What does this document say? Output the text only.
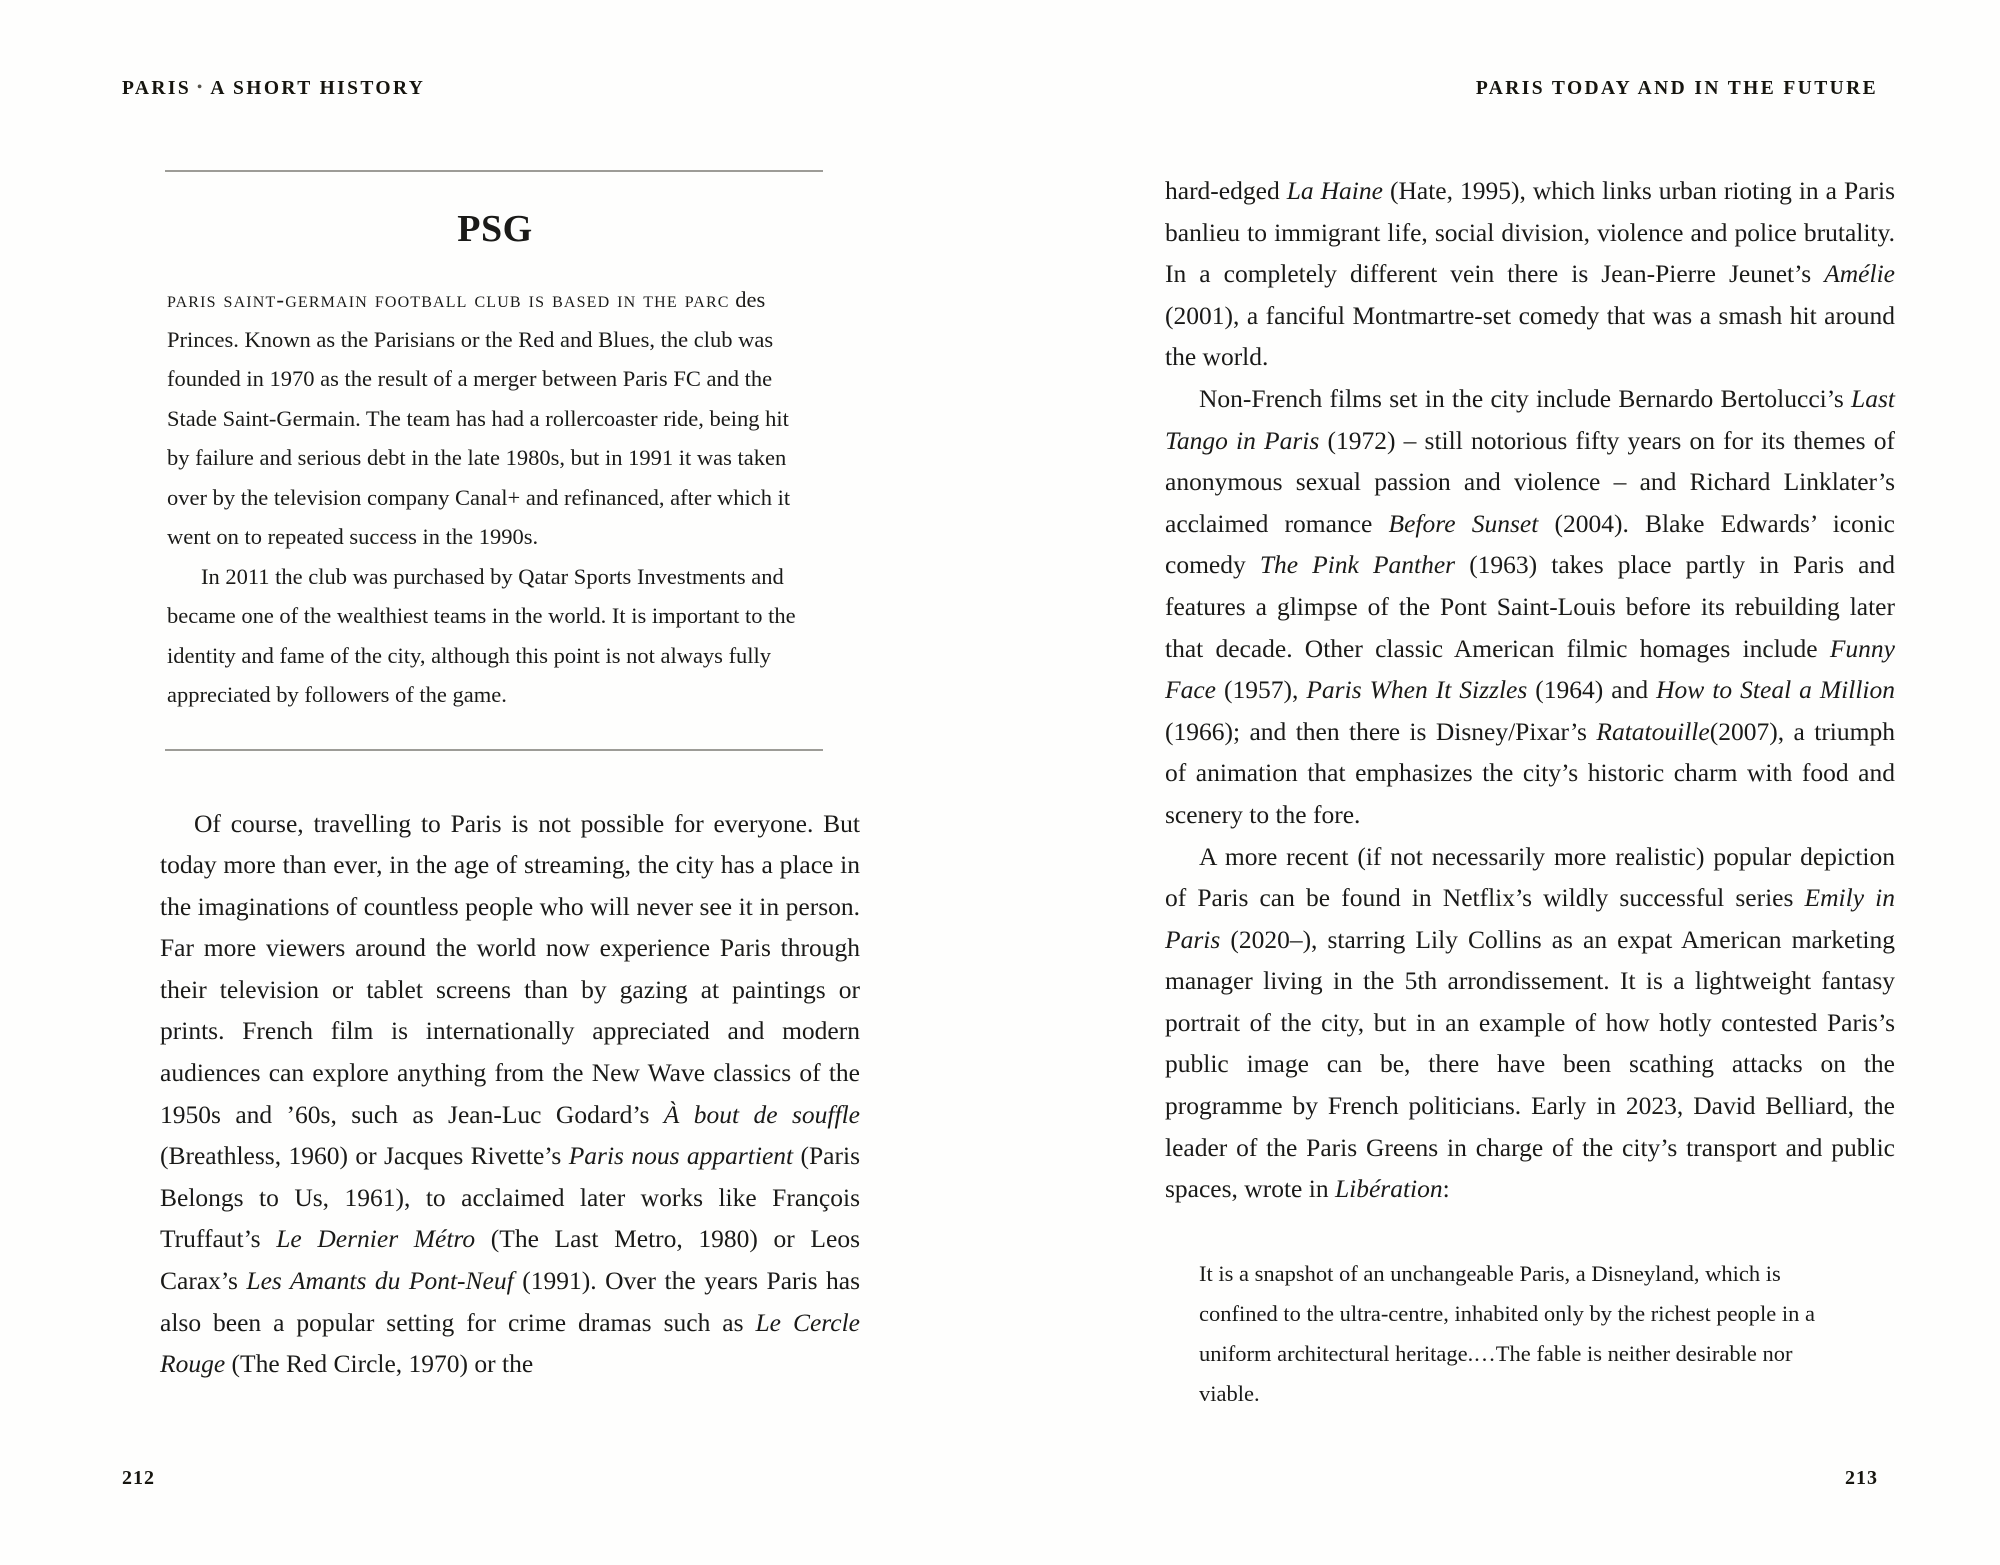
PARIS • A SHORT HISTORY	PARIS TODAY AND IN THE FUTURE
PSG

paris saint-germain football club is based in the parc des Princes. Known as the Parisians or the Red and Blues, the club was founded in 1970 as the result of a merger between Paris FC and the Stade Saint-Germain. The team has had a rollercoaster ride, being hit by failure and serious debt in the late 1980s, but in 1991 it was taken over by the television company Canal+ and refinanced, after which it went on to repeated success in the 1990s.

In 2011 the club was purchased by Qatar Sports Investments and became one of the wealthiest teams in the world. It is important to the identity and fame of the city, although this point is not always fully appreciated by followers of the game.

Of course, travelling to Paris is not possible for everyone. But today more than ever, in the age of streaming, the city has a place in the imaginations of countless people who will never see it in person. Far more viewers around the world now experience Paris through their television or tablet screens than by gazing at paintings or prints. French film is internationally appreciated and modern audiences can explore anything from the New Wave classics of the 1950s and ’60s, such as Jean-Luc Godard’s À bout de souffle (Breathless, 1960) or Jacques Rivette’s Paris nous appartient (Paris Belongs to Us, 1961), to acclaimed later works like François Truffaut’s Le Dernier Métro (The Last Metro, 1980) or Leos Carax’s Les Amants du Pont-Neuf (1991). Over the years Paris has also been a popular setting for crime dramas such as Le Cercle Rouge (The Red Circle, 1970) or the

hard-edged La Haine (Hate, 1995), which links urban rioting in a Paris banlieu to immigrant life, social division, violence and police brutality. In a completely different vein there is Jean-Pierre Jeunet’s Amélie (2001), a fanciful Montmartre-set comedy that was a smash hit around the world.

Non-French films set in the city include Bernardo Bertolucci’s Last Tango in Paris (1972) – still notorious fifty years on for its themes of anonymous sexual passion and violence – and Richard Linklater’s acclaimed romance Before Sunset (2004). Blake Edwards’ iconic comedy The Pink Panther (1963) takes place partly in Paris and features a glimpse of the Pont Saint-Louis before its rebuilding later that decade. Other classic American filmic homages include Funny Face (1957), Paris When It Sizzles (1964) and How to Steal a Million (1966); and then there is Disney/Pixar’s Ratatouille(2007), a triumph of animation that emphasizes the city’s historic charm with food and scenery to the fore.

A more recent (if not necessarily more realistic) popular depiction of Paris can be found in Netflix’s wildly successful series Emily in Paris (2020–), starring Lily Collins as an expat American marketing manager living in the 5th arrondissement. It is a lightweight fantasy portrait of the city, but in an example of how hotly contested Paris’s public image can be, there have been scathing attacks on the programme by French politicians. Early in 2023, David Belliard, the leader of the Paris Greens in charge of the city’s transport and public spaces, wrote in Libération:

It is a snapshot of an unchangeable Paris, a Disneyland, which is confined to the ultra-centre, inhabited only by the richest people in a uniform architectural heritage.…The fable is neither desirable nor viable.

212	213
